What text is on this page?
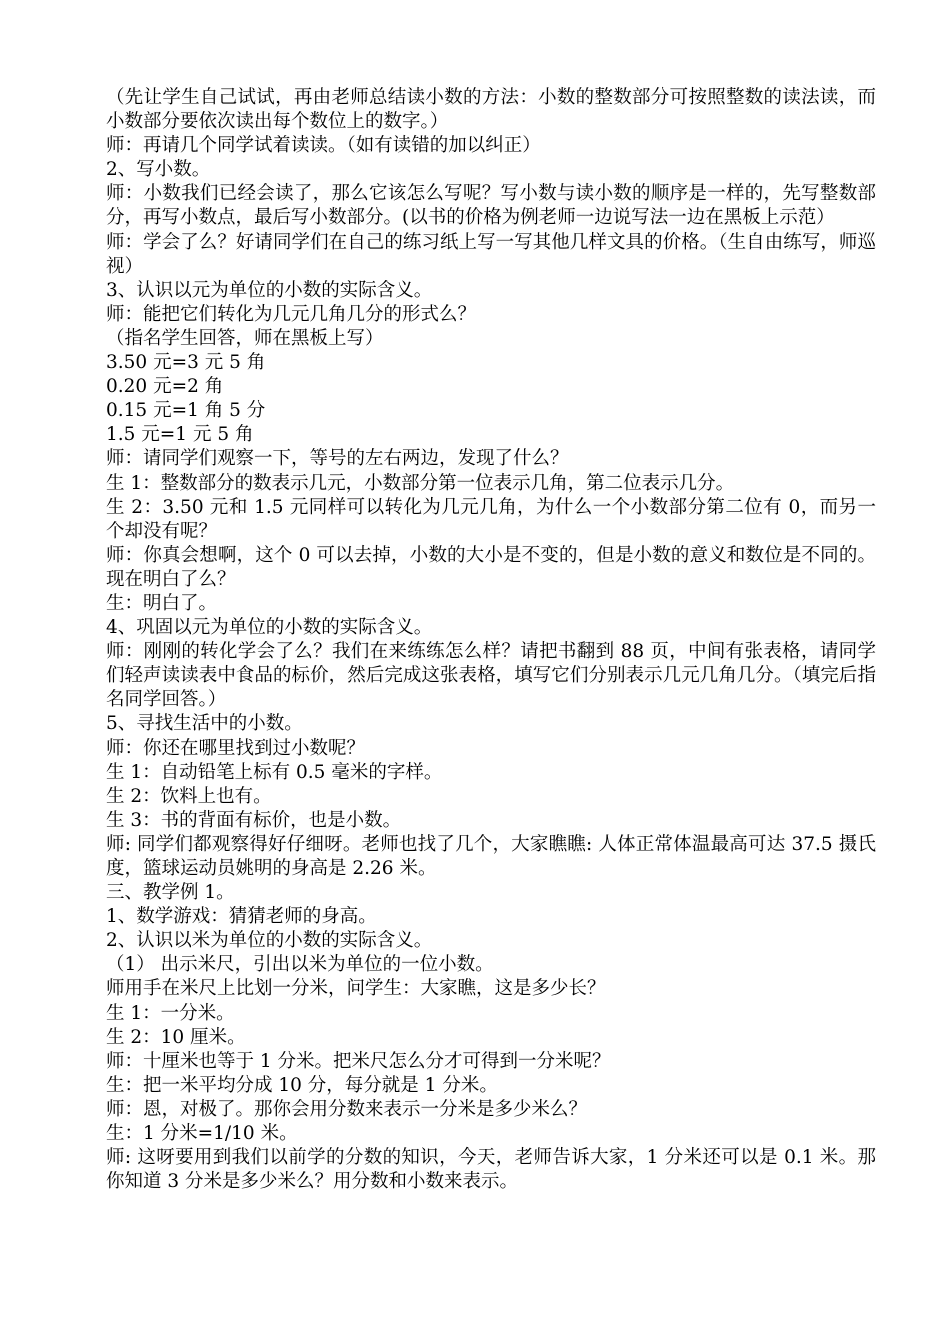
（先让学生自己试试，再由老师总结读小数的方法：小数的整数部分可按照整数的读法读，而小数部分要依次读出每个数位上的数字。）

师：再请几个同学试着读读。（如有读错的加以纠正）

2、写小数。

师：小数我们已经会读了，那么它该怎么写呢？写小数与读小数的顺序是一样的，先写整数部分，再写小数点，最后写小数部分。(以书的价格为例老师一边说写法一边在黑板上示范）

师：学会了么？好请同学们在自己的练习纸上写一写其他几样文具的价格。（生自由练写，师巡视）

3、认识以元为单位的小数的实际含义。

师：能把它们转化为几元几角几分的形式么？

（指名学生回答，师在黑板上写）

3.50 元=3 元 5 角

0.20 元=2 角

0.15 元=1 角 5 分

1.5 元=1 元 5 角

师：请同学们观察一下，等号的左右两边，发现了什么？

生 1：整数部分的数表示几元，小数部分第一位表示几角，第二位表示几分。

生 2：3.50 元和 1.5 元同样可以转化为几元几角，为什么一个小数部分第二位有 0，而另一个却没有呢？

师：你真会想啊，这个 0 可以去掉，小数的大小是不变的，但是小数的意义和数位是不同的。现在明白了么？

生：明白了。

4、巩固以元为单位的小数的实际含义。

师：刚刚的转化学会了么？我们在来练练怎么样？请把书翻到 88 页，中间有张表格，请同学们轻声读读表中食品的标价，然后完成这张表格，填写它们分别表示几元几角几分。（填完后指名同学回答。）

5、寻找生活中的小数。

师：你还在哪里找到过小数呢？

生 1：自动铅笔上标有 0.5 毫米的字样。

生 2：饮料上也有。

生 3：书的背面有标价，也是小数。

师: 同学们都观察得好仔细呀。老师也找了几个，大家瞧瞧: 人体正常体温最高可达 37.5 摄氏度，篮球运动员姚明的身高是 2.26 米。

三、教学例 1。

1、数学游戏：猜猜老师的身高。

2、认识以米为单位的小数的实际含义。

（1） 出示米尺，引出以米为单位的一位小数。

师用手在米尺上比划一分米，问学生：大家瞧，这是多少长？

生 1：一分米。

生 2：10 厘米。

师：十厘米也等于 1 分米。把米尺怎么分才可得到一分米呢？

生：把一米平均分成 10 分，每分就是 1 分米。

师：恩，对极了。那你会用分数来表示一分米是多少米么？

生：1 分米=1/10 米。

师: 这呀要用到我们以前学的分数的知识，今天，老师告诉大家，1 分米还可以是 0.1 米。那你知道 3 分米是多少米么？用分数和小数来表示。
